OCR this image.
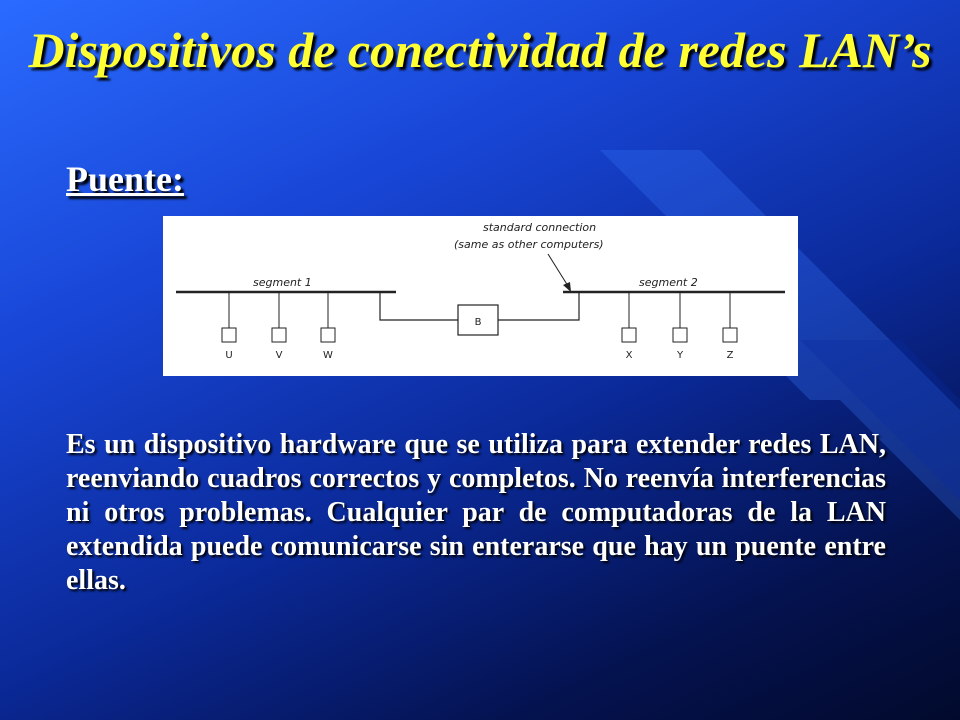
Dispositivos de conectividad de redes LAN’s
Puente:
standard connection
(same as other computers)
segment 1	segment 2
B
U	V	W	X	Y	Z
Es un dispositivo hardware que se utiliza para extender redes LAN, reenviando cuadros correctos y completos. No reenvía interferencias ni otros problemas. Cualquier par de computadoras de la LAN extendida puede comunicarse sin enterarse que hay un puente entre ellas.
